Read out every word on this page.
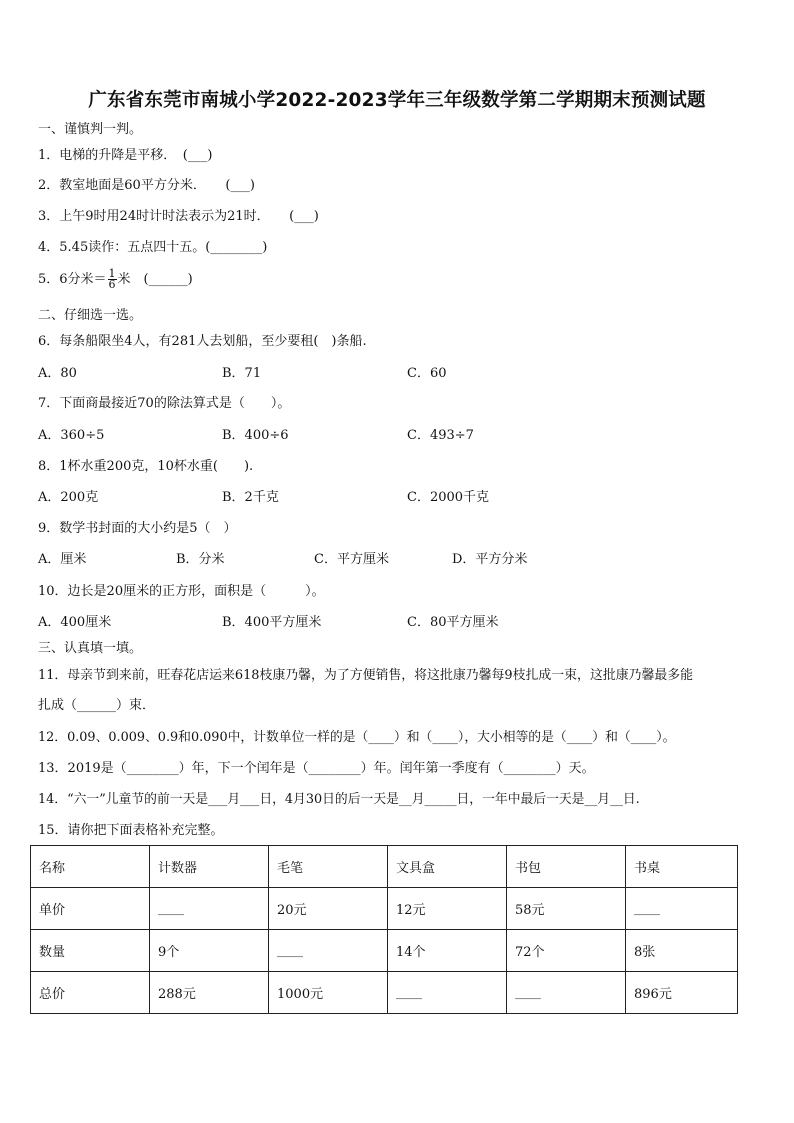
广东省东莞市南城小学2022-2023学年三年级数学第二学期期末预测试题
一、谨慎判一判。
1．电梯的升降是平移．　(___)
2．教室地面是60平方分米．　　(___)
3．上午9时用24时计时法表示为21时．　　(___)
4．5.45读作：五点四十五。(________)
5．6分米＝ $\frac{1}{6}$ 米　(______)
二、仔细选一选。
6．每条船限坐4人，有281人去划船，至少要租(　)条船.
A．80	B．71	C．60
7．下面商最接近70的除法算式是（　　）。
A．360÷5	B．400÷6	C．493÷7
8．1杯水重200克，10杯水重(　　).
A．200克	B．2千克	C．2000千克
9．数学书封面的大小约是5（　）
A．厘米	B．分米	C．平方厘米	D．平方分米
10．边长是20厘米的正方形，面积是（　　　）。
A．400厘米	B．400平方厘米	C．80平方厘米
三、认真填一填。
11．母亲节到来前，旺春花店运来618枝康乃馨，为了方便销售，将这批康乃馨每9枝扎成一束，这批康乃馨最多能
扎成（______）束．
12．0.09、0.009、0.9和0.090中，计数单位一样的是（____）和（____），大小相等的是（____）和（____）。
13．2019是（________）年，下一个闰年是（________）年。闰年第一季度有（________）天。
14．“六一”儿童节的前一天是___月___日，4月30日的后一天是__月_____日，一年中最后一天是__月__日.
15．请你把下面表格补充完整。
名称	计数器	毛笔	文具盒	书包	书桌
单价	____	20元	12元	58元	____
数量	9个	____	14个	72个	8张
总价	288元	1000元	____	____	896元
